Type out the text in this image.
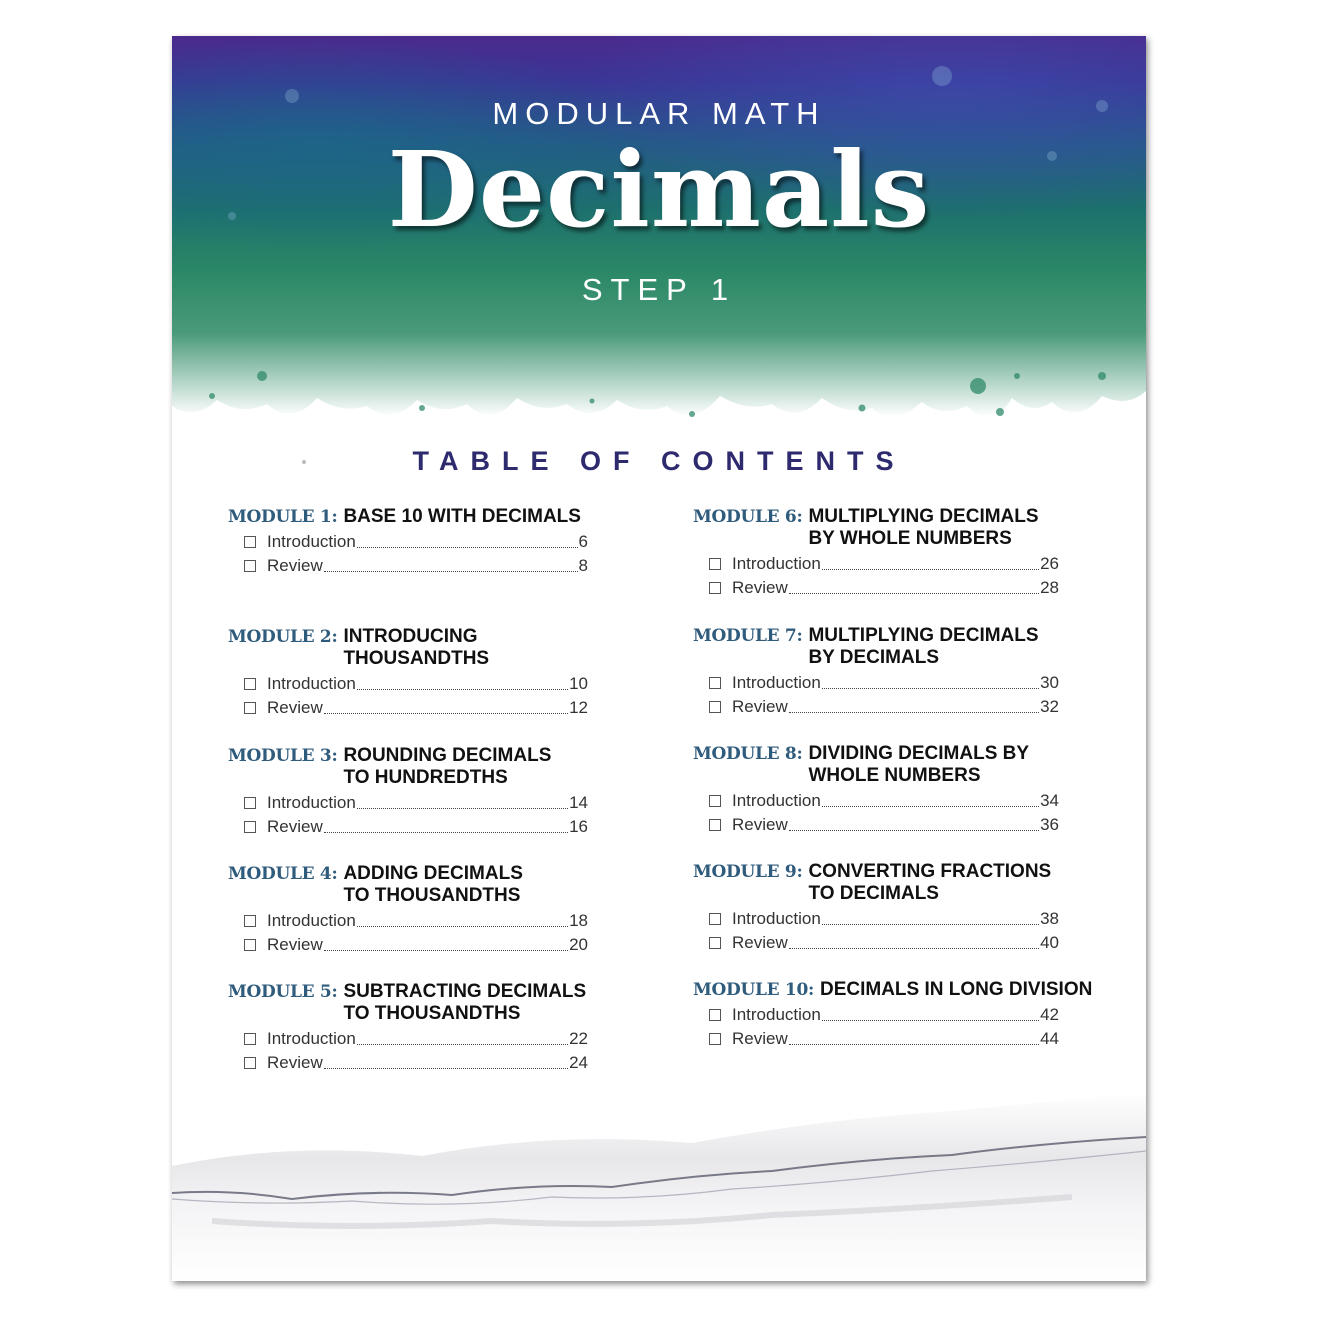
MODULAR MATH
Decimals
STEP 1
TABLE OF CONTENTS
MODULE 1: BASE 10 WITH DECIMALS
Introduction	6
Review	8
MODULE 2: INTRODUCING
THOUSANDTHS
Introduction	10
Review	12
MODULE 3: ROUNDING DECIMALS
TO HUNDREDTHS
Introduction	14
Review	16
MODULE 4: ADDING DECIMALS
TO THOUSANDTHS
Introduction	18
Review	20
MODULE 5: SUBTRACTING DECIMALS
TO THOUSANDTHS
Introduction	22
Review	24
MODULE 6: MULTIPLYING DECIMALS
BY WHOLE NUMBERS
Introduction	26
Review	28
MODULE 7: MULTIPLYING DECIMALS
BY DECIMALS
Introduction	30
Review	32
MODULE 8: DIVIDING DECIMALS BY
WHOLE NUMBERS
Introduction	34
Review	36
MODULE 9: CONVERTING FRACTIONS
TO DECIMALS
Introduction	38
Review	40
MODULE 10: DECIMALS IN LONG DIVISION
Introduction	42
Review	44
